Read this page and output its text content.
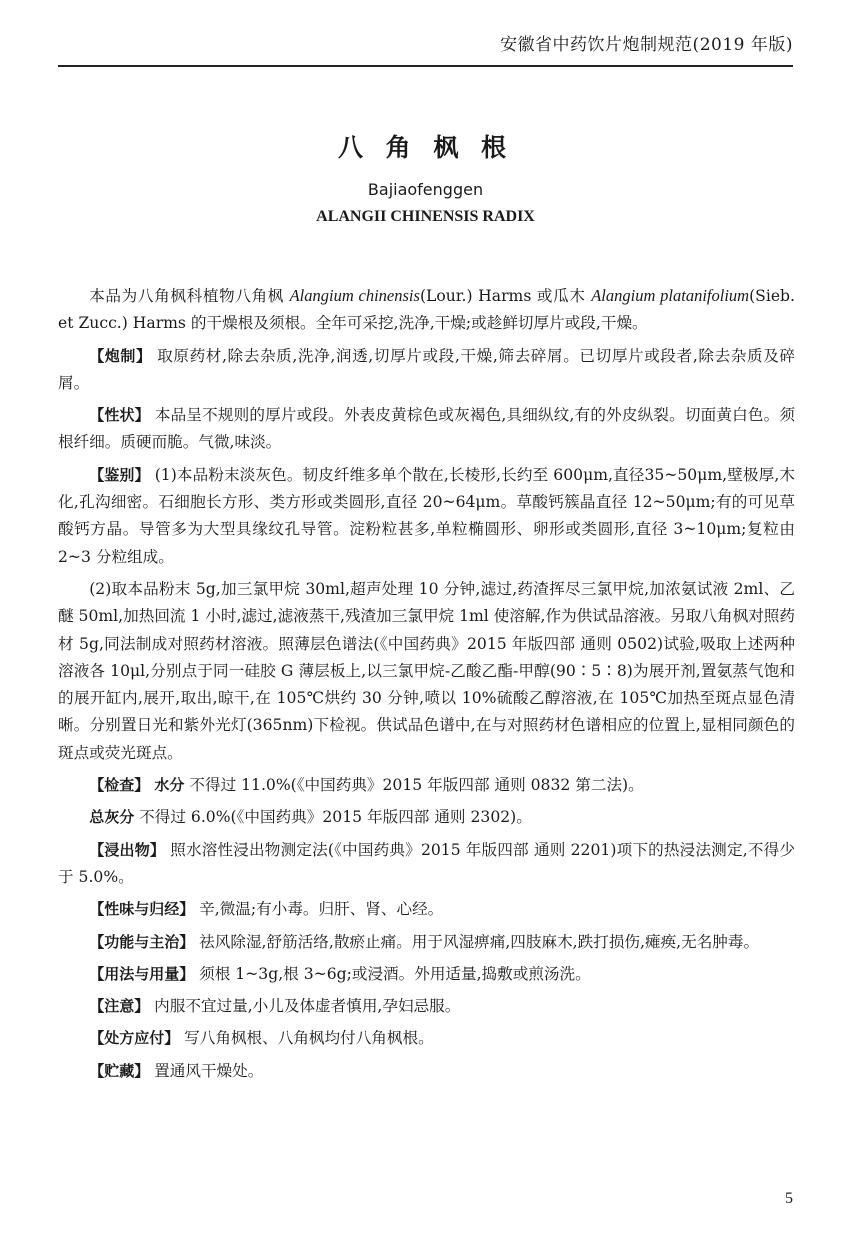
安徽省中药饮片炮制规范(2019 年版)
八 角 枫 根
Bajiaofenggen
ALANGII CHINENSIS RADIX

本品为八角枫科植物八角枫 Alangium chinensis(Lour.) Harms 或瓜木 Alangium platanifolium(Sieb. et Zucc.) Harms 的干燥根及须根。全年可采挖,洗净,干燥;或趁鲜切厚片或段,干燥。

【炮制】 取原药材,除去杂质,洗净,润透,切厚片或段,干燥,筛去碎屑。已切厚片或段者,除去杂质及碎屑。

【性状】 本品呈不规则的厚片或段。外表皮黄棕色或灰褐色,具细纵纹,有的外皮纵裂。切面黄白色。须根纤细。质硬而脆。气微,味淡。

【鉴别】 (1)本品粉末淡灰色。韧皮纤维多单个散在,长棱形,长约至 600μm,直径35~50μm,壁极厚,木化,孔沟细密。石细胞长方形、类方形或类圆形,直径 20~64μm。草酸钙簇晶直径 12~50μm;有的可见草酸钙方晶。导管多为大型具缘纹孔导管。淀粉粒甚多,单粒椭圆形、卵形或类圆形,直径 3~10μm;复粒由 2~3 分粒组成。

(2)取本品粉末 5g,加三氯甲烷 30ml,超声处理 10 分钟,滤过,药渣挥尽三氯甲烷,加浓氨试液 2ml、乙醚 50ml,加热回流 1 小时,滤过,滤液蒸干,残渣加三氯甲烷 1ml 使溶解,作为供试品溶液。另取八角枫对照药材 5g,同法制成对照药材溶液。照薄层色谱法(《中国药典》2015 年版四部 通则 0502)试验,吸取上述两种溶液各 10μl,分别点于同一硅胶 G 薄层板上,以三氯甲烷-乙酸乙酯-甲醇(90∶5∶8)为展开剂,置氨蒸气饱和的展开缸内,展开,取出,晾干,在 105℃烘约 30 分钟,喷以 10%硫酸乙醇溶液,在 105℃加热至斑点显色清晰。分别置日光和紫外光灯(365nm)下检视。供试品色谱中,在与对照药材色谱相应的位置上,显相同颜色的斑点或荧光斑点。

【检查】 水分 不得过 11.0%(《中国药典》2015 年版四部 通则 0832 第二法)。

总灰分 不得过 6.0%(《中国药典》2015 年版四部 通则 2302)。

【浸出物】 照水溶性浸出物测定法(《中国药典》2015 年版四部 通则 2201)项下的热浸法测定,不得少于 5.0%。

【性味与归经】 辛,微温;有小毒。归肝、肾、心经。

【功能与主治】 祛风除湿,舒筋活络,散瘀止痛。用于风湿痹痛,四肢麻木,跌打损伤,瘫痪,无名肿毒。

【用法与用量】 须根 1~3g,根 3~6g;或浸酒。外用适量,捣敷或煎汤洗。

【注意】 内服不宜过量,小儿及体虚者慎用,孕妇忌服。

【处方应付】 写八角枫根、八角枫均付八角枫根。

【贮藏】 置通风干燥处。

5
